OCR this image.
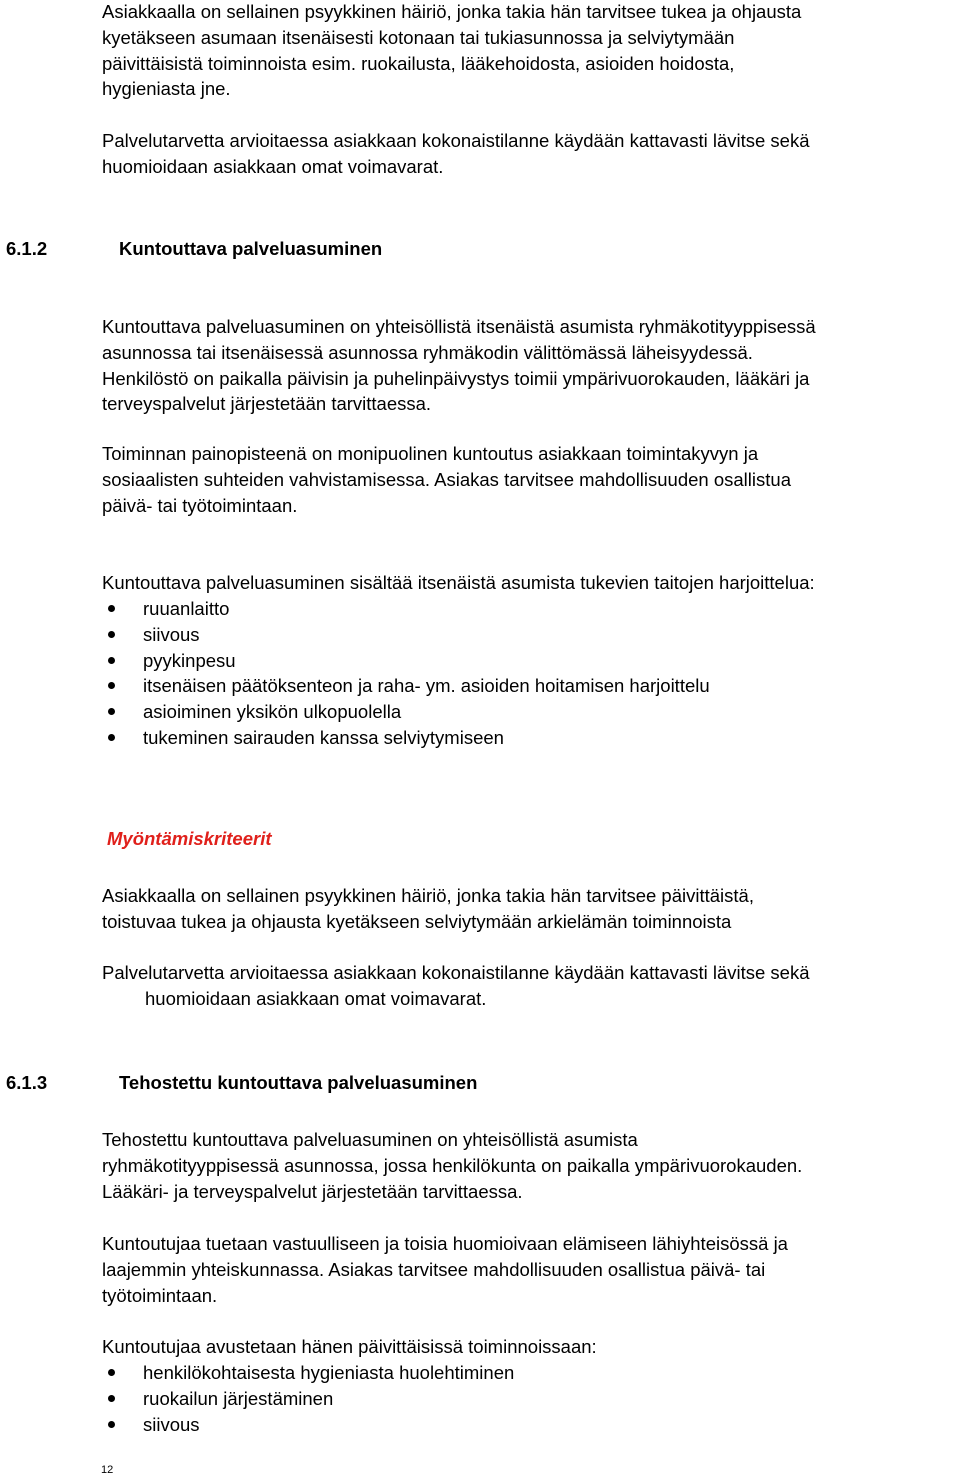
Asiakkaalla on sellainen psyykkinen häiriö, jonka takia hän tarvitsee tukea ja ohjausta
kyetäkseen asumaan itsenäisesti kotonaan tai tukiasunnossa ja selviytymään
päivittäisistä toiminnoista esim. ruokailusta, lääkehoidosta, asioiden hoidosta,
hygieniasta jne.
Palvelutarvetta arvioitaessa asiakkaan kokonaistilanne käydään kattavasti lävitse sekä
huomioidaan asiakkaan omat voimavarat.
6.1.2	Kuntouttava palveluasuminen
Kuntouttava palveluasuminen on yhteisöllistä itsenäistä asumista ryhmäkotityyppisessä
asunnossa tai itsenäisessä asunnossa ryhmäkodin välittömässä läheisyydessä.
Henkilöstö on paikalla päivisin ja puhelinpäivystys toimii ympärivuorokauden, lääkäri ja
terveyspalvelut järjestetään tarvittaessa.
Toiminnan painopisteenä on monipuolinen kuntoutus asiakkaan toimintakyvyn ja
sosiaalisten suhteiden vahvistamisessa. Asiakas tarvitsee mahdollisuuden osallistua
päivä- tai työtoimintaan.
Kuntouttava palveluasuminen sisältää itsenäistä asumista tukevien taitojen harjoittelua:
ruuanlaitto
siivous
pyykinpesu
itsenäisen päätöksenteon ja raha- ym. asioiden hoitamisen harjoittelu
asioiminen yksikön ulkopuolella
tukeminen sairauden kanssa selviytymiseen
Myöntämiskriteerit
Asiakkaalla on sellainen psyykkinen häiriö, jonka takia hän tarvitsee päivittäistä,
toistuvaa tukea ja ohjausta kyetäkseen selviytymään arkielämän toiminnoista
Palvelutarvetta arvioitaessa asiakkaan kokonaistilanne käydään kattavasti lävitse sekä
huomioidaan asiakkaan omat voimavarat.
6.1.3	Tehostettu kuntouttava palveluasuminen
Tehostettu kuntouttava palveluasuminen on yhteisöllistä asumista
ryhmäkotityyppisessä asunnossa, jossa henkilökunta on paikalla ympärivuorokauden.
Lääkäri- ja terveyspalvelut järjestetään tarvittaessa.
Kuntoutujaa tuetaan vastuulliseen ja toisia huomioivaan elämiseen lähiyhteisössä ja
laajemmin yhteiskunnassa. Asiakas tarvitsee mahdollisuuden osallistua päivä- tai
työtoimintaan.
Kuntoutujaa avustetaan hänen päivittäisissä toiminnoissaan:
henkilökohtaisesta hygieniasta huolehtiminen
ruokailun järjestäminen
siivous
12
